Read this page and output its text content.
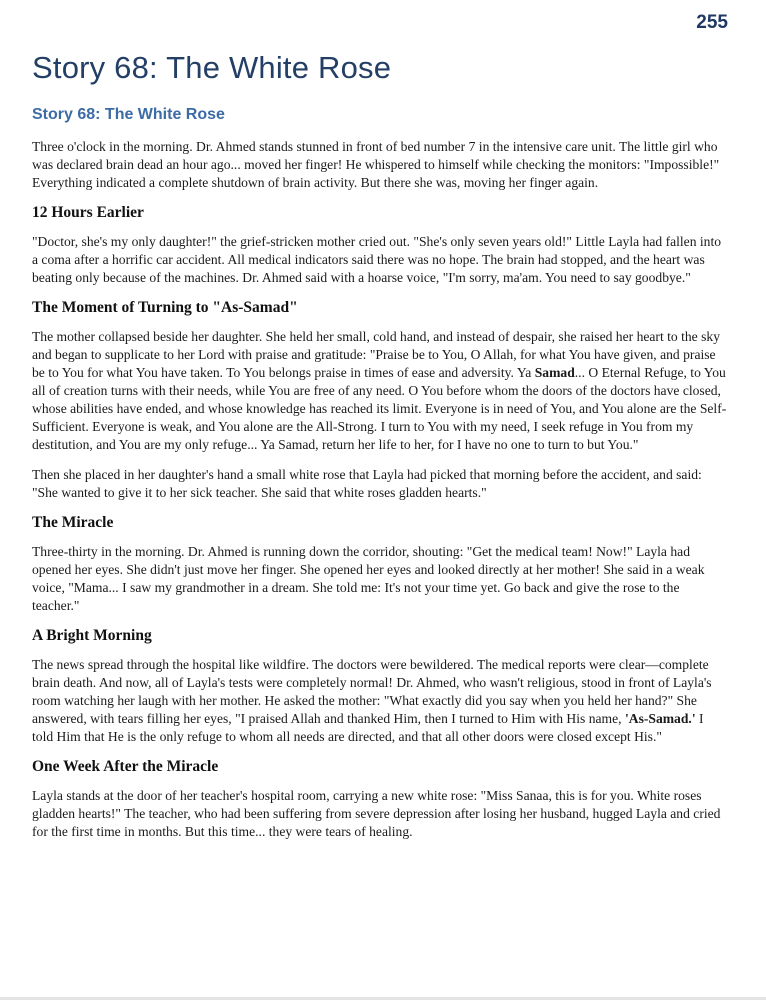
255
Story 68: The White Rose
Story 68: The White Rose

Three o'clock in the morning. Dr. Ahmed stands stunned in front of bed number 7 in the intensive care unit. The little girl who was declared brain dead an hour ago... moved her finger! He whispered to himself while checking the monitors: "Impossible!" Everything indicated a complete shutdown of brain activity. But there she was, moving her finger again.

12 Hours Earlier

"Doctor, she's my only daughter!" the grief-stricken mother cried out. "She's only seven years old!" Little Layla had fallen into a coma after a horrific car accident. All medical indicators said there was no hope. The brain had stopped, and the heart was beating only because of the machines. Dr. Ahmed said with a hoarse voice, "I'm sorry, ma'am. You need to say goodbye."

The Moment of Turning to "As-Samad"

The mother collapsed beside her daughter. She held her small, cold hand, and instead of despair, she raised her heart to the sky and began to supplicate to her Lord with praise and gratitude: "Praise be to You, O Allah, for what You have given, and praise be to You for what You have taken. To You belongs praise in times of ease and adversity. Ya Samad... O Eternal Refuge, to You all of creation turns with their needs, while You are free of any need. O You before whom the doors of the doctors have closed, whose abilities have ended, and whose knowledge has reached its limit. Everyone is in need of You, and You alone are the Self-Sufficient. Everyone is weak, and You alone are the All-Strong. I turn to You with my need, I seek refuge in You from my destitution, and You are my only refuge... Ya Samad, return her life to her, for I have no one to turn to but You."

Then she placed in her daughter's hand a small white rose that Layla had picked that morning before the accident, and said: "She wanted to give it to her sick teacher. She said that white roses gladden hearts."

The Miracle

Three-thirty in the morning. Dr. Ahmed is running down the corridor, shouting: "Get the medical team! Now!" Layla had opened her eyes. She didn't just move her finger. She opened her eyes and looked directly at her mother! She said in a weak voice, "Mama... I saw my grandmother in a dream. She told me: It's not your time yet. Go back and give the rose to the teacher."

A Bright Morning

The news spread through the hospital like wildfire. The doctors were bewildered. The medical reports were clear—complete brain death. And now, all of Layla's tests were completely normal! Dr. Ahmed, who wasn't religious, stood in front of Layla's room watching her laugh with her mother. He asked the mother: "What exactly did you say when you held her hand?" She answered, with tears filling her eyes, "I praised Allah and thanked Him, then I turned to Him with His name, 'As-Samad.' I told Him that He is the only refuge to whom all needs are directed, and that all other doors were closed except His."

One Week After the Miracle

Layla stands at the door of her teacher's hospital room, carrying a new white rose: "Miss Sanaa, this is for you. White roses gladden hearts!" The teacher, who had been suffering from severe depression after losing her husband, hugged Layla and cried for the first time in months. But this time... they were tears of healing.
